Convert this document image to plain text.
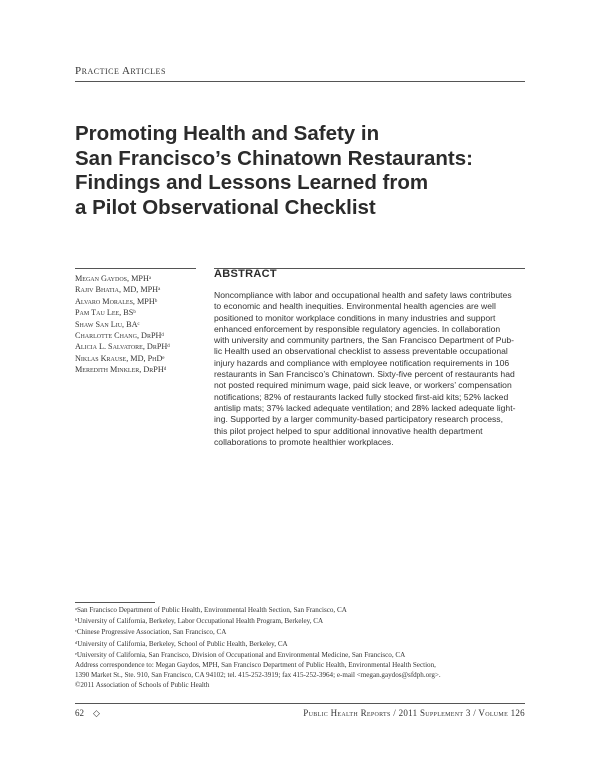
Practice Articles
Promoting Health and Safety in
San Francisco’s Chinatown Restaurants:
Findings and Lessons Learned from
a Pilot Observational Checklist
Megan Gaydos, MPHᵃ
Rajiv Bhatia, MD, MPHᵃ
Alvaro Morales, MPHᵇ
Pam Tau Lee, BSᵇ
Shaw San Liu, BAᶜ
Charlotte Chang, DrPHᵈ
Alicia L. Salvatore, DrPHᵈ
Niklas Krause, MD, PhDᵉ
Meredith Minkler, DrPHᵈ
ABSTRACT
Noncompliance with labor and occupational health and safety laws contributes
to economic and health inequities. Environmental health agencies are well
positioned to monitor workplace conditions in many industries and support
enhanced enforcement by responsible regulatory agencies. In collaboration
with university and community partners, the San Francisco Department of Pub-
lic Health used an observational checklist to assess preventable occupational
injury hazards and compliance with employee notification requirements in 106
restaurants in San Francisco’s Chinatown. Sixty-five percent of restaurants had
not posted required minimum wage, paid sick leave, or workers’ compensation
notifications; 82% of restaurants lacked fully stocked first-aid kits; 52% lacked
antislip mats; 37% lacked adequate ventilation; and 28% lacked adequate light-
ing. Supported by a larger community-based participatory research process,
this pilot project helped to spur additional innovative health department
collaborations to promote healthier workplaces.
ᵃSan Francisco Department of Public Health, Environmental Health Section, San Francisco, CA
ᵇUniversity of California, Berkeley, Labor Occupational Health Program, Berkeley, CA
ᶜChinese Progressive Association, San Francisco, CA
ᵈUniversity of California, Berkeley, School of Public Health, Berkeley, CA
ᵉUniversity of California, San Francisco, Division of Occupational and Environmental Medicine, San Francisco, CA
Address correspondence to: Megan Gaydos, MPH, San Francisco Department of Public Health, Environmental Health Section,
1390 Market St., Ste. 910, San Francisco, CA 94102; tel. 415-252-3919; fax 415-252-3964; e-mail <megan.gaydos@sfdph.org>.
©2011 Association of Schools of Public Health
62 ◇	Public Health Reports / 2011 Supplement 3 / Volume 126
